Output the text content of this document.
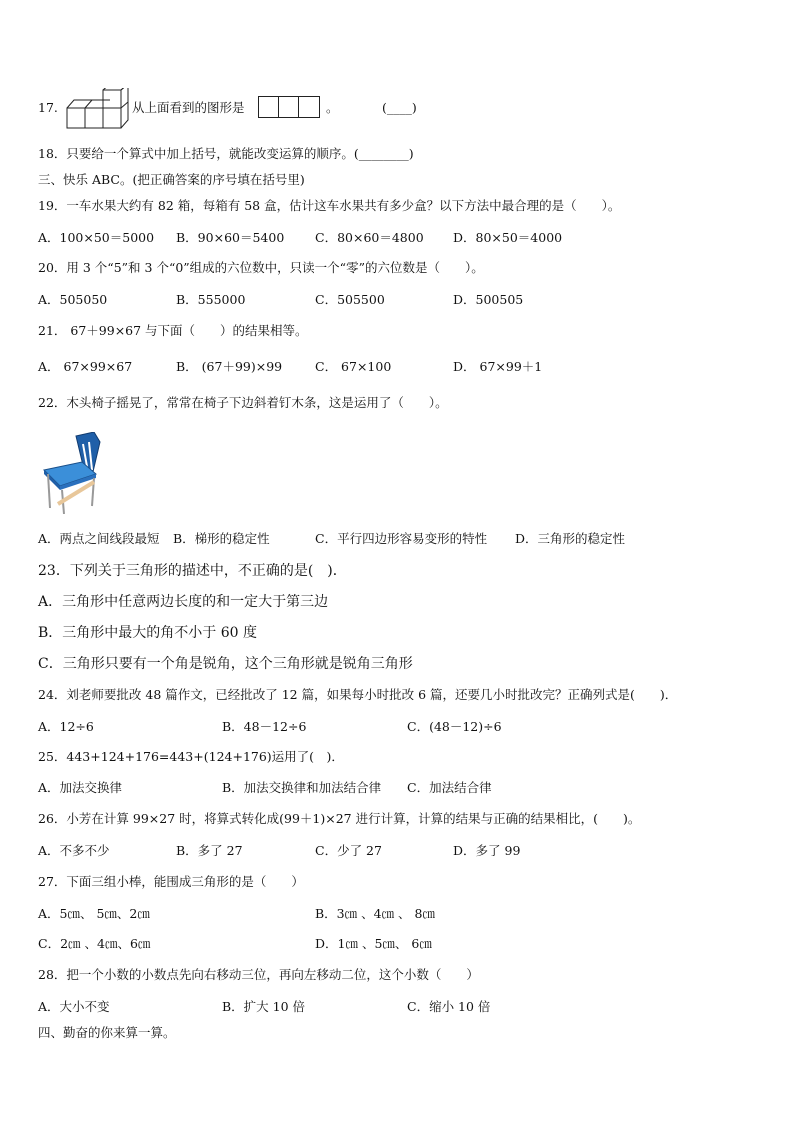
17.	从上面看到的图形是	。	(____)
18．只要给一个算式中加上括号，就能改变运算的顺序。(________)
三、快乐 ABC。(把正确答案的序号填在括号里)
19．一车水果大约有 82 箱，每箱有 58 盒，估计这车水果共有多少盒？以下方法中最合理的是（　　）。
A．100×50＝5000 B．90×60＝5400 C．80×60＝4800 D．80×50＝4000
20．用 3 个“5”和 3 个“0”组成的六位数中，只读一个“零”的六位数是（　　）。
A．505050	B．555000	C．505500	D．500505
21． 67＋99×67 与下面（　　）的结果相等。
A． 67×99×67	B． (67＋99)×99	C． 67×100	D． 67×99＋1
22．木头椅子摇晃了，常常在椅子下边斜着钉木条，这是运用了（　　）。
A．两点之间线段最短 B．梯形的稳定性	C．平行四边形容易变形的特性 D．三角形的稳定性
23．下列关于三角形的描述中，不正确的是(　)．
A．三角形中任意两边长度的和一定大于第三边
B．三角形中最大的角不小于 60 度
C．三角形只要有一个角是锐角，这个三角形就是锐角三角形
24．刘老师要批改 48 篇作文，已经批改了 12 篇，如果每小时批改 6 篇，还要几小时批改完？正确列式是(　　)．
A．12÷6	B．48－12÷6	C．(48－12)÷6
25．443+124+176=443+(124+176)运用了(　)．
A．加法交换律	B．加法交换律和加法结合律 C．加法结合律
26．小芳在计算 99×27 时，将算式转化成(99＋1)×27 进行计算，计算的结果与正确的结果相比，(　　)。
A．不多不少	B．多了 27	C．少了 27	D．多了 99
27．下面三组小棒，能围成三角形的是（　　）
A．5㎝、 5㎝、2㎝	B．3㎝ 、4㎝ 、 8㎝
C．2㎝ 、4㎝、6㎝	D．1㎝ 、5㎝、 6㎝
28．把一个小数的小数点先向右移动三位，再向左移动二位，这个小数（　　）
A．大小不变	B．扩大 10 倍	C．缩小 10 倍
四、勤奋的你来算一算。
